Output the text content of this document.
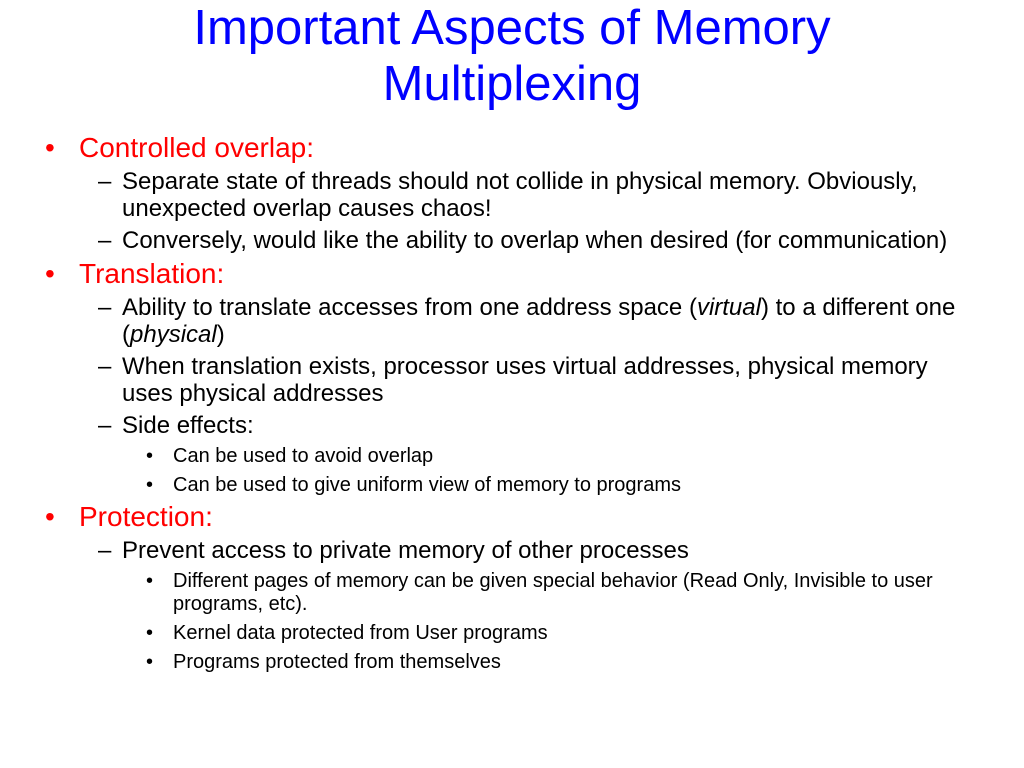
Important Aspects of Memory
Multiplexing
• Controlled overlap:
– Separate state of threads should not collide in physical memory. Obviously, unexpected overlap causes chaos!
– Conversely, would like the ability to overlap when desired (for communication)
• Translation:
– Ability to translate accesses from one address space (virtual) to a different one (physical)
– When translation exists, processor uses virtual addresses, physical memory uses physical addresses
– Side effects:
• Can be used to avoid overlap
• Can be used to give uniform view of memory to programs
• Protection:
– Prevent access to private memory of other processes
• Different pages of memory can be given special behavior (Read Only, Invisible to user programs, etc).
• Kernel data protected from User programs
• Programs protected from themselves
